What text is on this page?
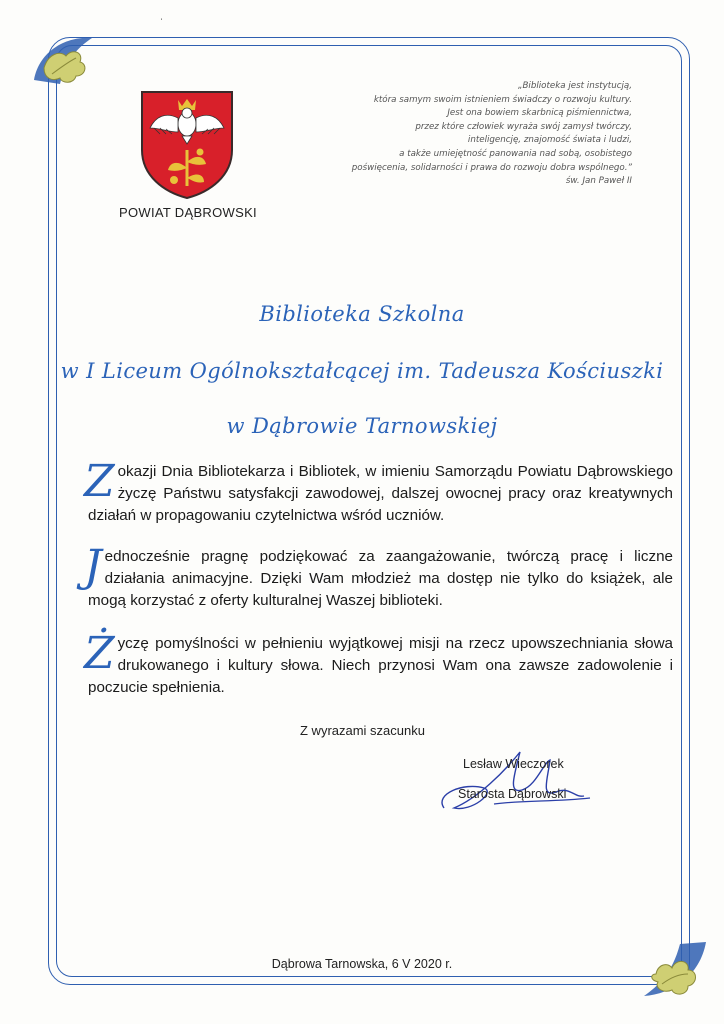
ˈ
POWIAT DĄBROWSKI
„Biblioteka jest instytucją,
która samym swoim istnieniem świadczy o rozwoju kultury.
Jest ona bowiem skarbnicą piśmiennictwa,
przez które człowiek wyraża swój zamysł twórczy,
inteligencję, znajomość świata i ludzi,
a także umiejętność panowania nad sobą, osobistego
poświęcenia, solidarności i prawa do rozwoju dobra wspólnego.”
św. Jan Paweł II
Biblioteka Szkolna
w I Liceum Ogólnokształcącej im. Tadeusza Kościuszki
w Dąbrowie Tarnowskiej
Z okazji Dnia Bibliotekarza i Bibliotek, w imieniu Samorządu Powiatu Dąbrowskiego życzę Państwu satysfakcji zawodowej, dalszej owocnej pracy oraz kreatywnych działań w propagowaniu czytelnictwa wśród uczniów.
J ednocześnie pragnę podziękować za zaangażowanie, twórczą pracę i liczne działania animacyjne. Dzięki Wam młodzież ma dostęp nie tylko do książek, ale mogą korzystać z oferty kulturalnej Waszej biblioteki.
Ż yczę pomyślności w pełnieniu wyjątkowej misji na rzecz upowszechniania słowa drukowanego i kultury słowa. Niech przynosi Wam ona zawsze zadowolenie i poczucie spełnienia.
Z wyrazami szacunku
Lesław Wieczorek
Starosta Dąbrowski
Dąbrowa Tarnowska, 6 V 2020 r.
